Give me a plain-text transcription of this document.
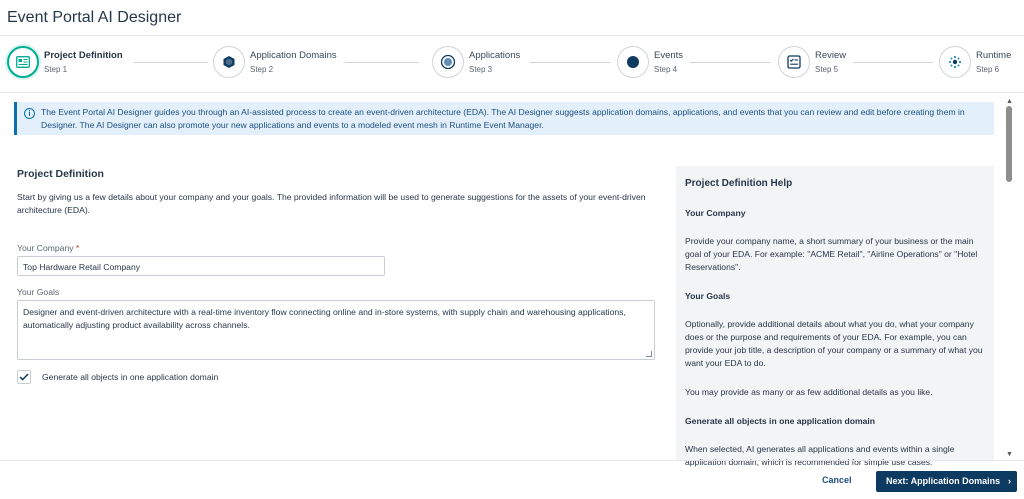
Event Portal AI Designer
Project Definition
Step 1
Application Domains
Step 2
Applications
Step 3
Events
Step 4
Review
Step 5
Runtime
Step 6
i	The Event Portal AI Designer guides you through an AI-assisted process to create an event-driven architecture (EDA). The AI Designer suggests application domains, applications, and events that you can review and edit before creating them in Designer. The AI Designer can also promote your new applications and events to a modeled event mesh in Runtime Event Manager.
Project Definition
Start by giving us a few details about your company and your goals. The provided information will be used to generate suggestions for the assets of your event-driven architecture (EDA).
Your Company *
Top Hardware Retail Company
Your Goals
Designer and event-driven architecture with a real-time inventory flow connecting online and in-store systems, with supply chain and warehousing applications, automatically adjusting product availability across channels.
Generate all objects in one application domain
Project Definition Help
Your Company
Provide your company name, a short summary of your business or the main goal of your EDA. For example: "ACME Retail", "Airline Operations" or "Hotel Reservations".
Your Goals
Optionally, provide additional details about what you do, what your company does or the purpose and requirements of your EDA. For example, you can provide your job title, a description of your company or a summary of what you want your EDA to do.
You may provide as many or as few additional details as you like.
Generate all objects in one application domain
When selected, AI generates all applications and events within a single application domain, which is recommended for simple use cases.
▲
▼
Cancel	Next: Application Domains ›
